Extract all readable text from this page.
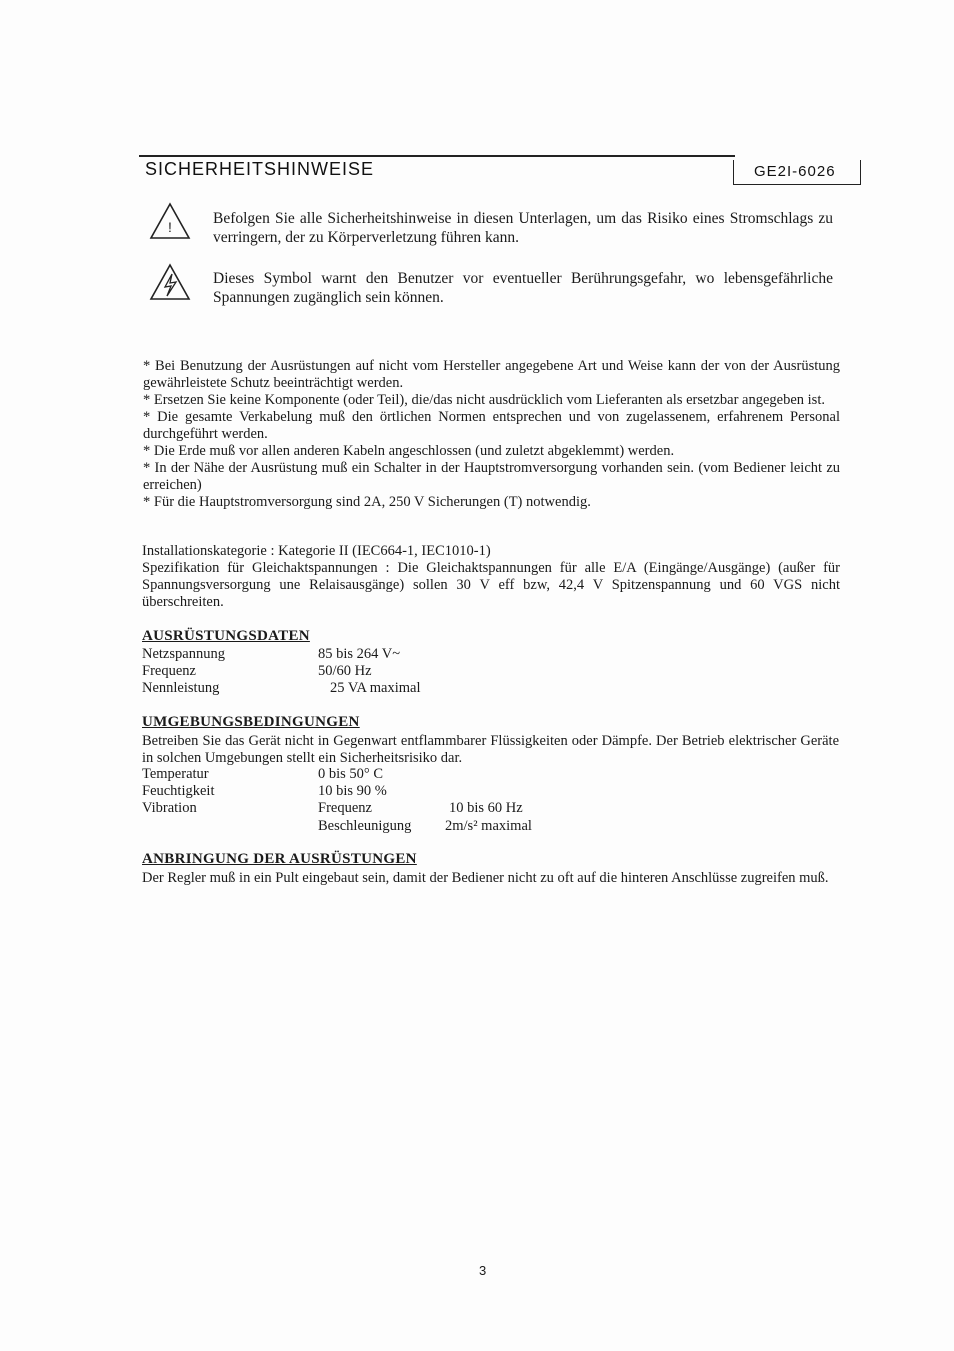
SICHERHEITSHINWEISE	GE2I-6026
!	Befolgen Sie alle Sicherheitshinweise in diesen Unterlagen, um das Risiko eines Stromschlags zu verringern, der zu Körperverletzung führen kann.
Dieses Symbol warnt den Benutzer vor eventueller Berührungsgefahr, wo lebensgefährliche Spannungen zugänglich sein können.

* Bei Benutzung der Ausrüstungen auf nicht vom Hersteller angegebene Art und Weise kann der von der Ausrüstung gewährleistete Schutz beeinträchtigt werden.

* Ersetzen Sie keine Komponente (oder Teil), die/das nicht ausdrücklich vom Lieferanten als ersetzbar angegeben ist.

* Die gesamte Verkabelung muß den örtlichen Normen entsprechen und von zugelassenem, erfahrenem Personal durchgeführt werden.

* Die Erde muß vor allen anderen Kabeln angeschlossen (und zuletzt abgeklemmt) werden.

* In der Nähe der Ausrüstung muß ein Schalter in der Hauptstromversorgung vorhanden sein. (vom Bediener leicht zu erreichen)

* Für die Hauptstromversorgung sind 2A, 250 V Sicherungen (T) notwendig.

Installationskategorie : Kategorie II (IEC664-1, IEC1010-1)

Spezifikation für Gleichaktspannungen : Die Gleichaktspannungen für alle E/A (Eingänge/Ausgänge) (außer für Spannungsversorgung une Relaisausgänge) sollen 30 V eff bzw, 42,4 V Spitzenspannung und 60 VGS nicht überschreiten.

AUSRÜSTUNGSDATEN
Netzspannung	85 bis 264 V~
Frequenz	50/60 Hz
Nennleistung	25 VA maximal
UMGEBUNGSBEDINGUNGEN
Betreiben Sie das Gerät nicht in Gegenwart entflammbarer Flüssigkeiten oder Dämpfe. Der Betrieb elektrischer Geräte in solchen Umgebungen stellt ein Sicherheitsrisiko dar.
Temperatur	0 bis 50° C
Feuchtigkeit	10 bis 90 %
Vibration	Frequenz	10 bis 60 Hz
Beschleunigung 2m/s² maximal
ANBRINGUNG DER AUSRÜSTUNGEN
Der Regler muß in ein Pult eingebaut sein, damit der Bediener nicht zu oft auf die hinteren Anschlüsse zugreifen muß.
3
